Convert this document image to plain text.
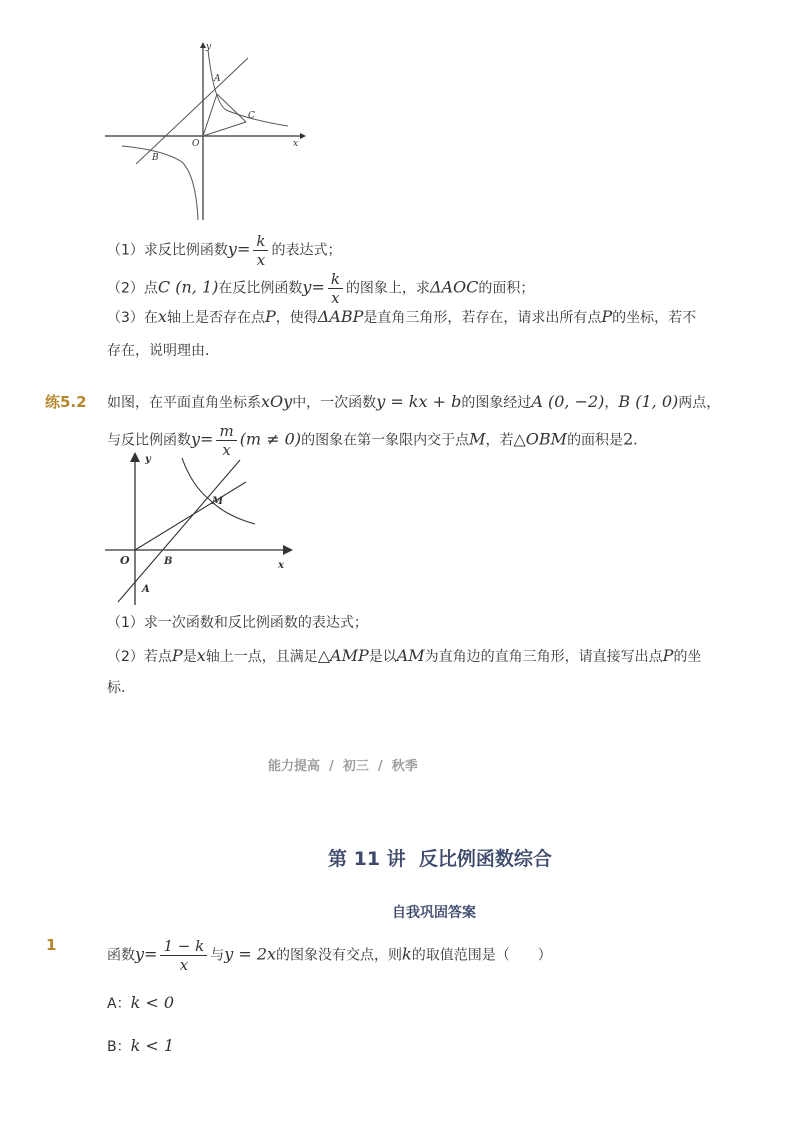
y
x
O
A
B
C
（1）求反比例函数$y= \frac{k}{x}$ 的表达式；
（2）点C (n, 1)在反比例函数$y= \frac{k}{x}$ 的图象上，求ΔAOC的面积；
（3）在x轴上是否存在点P，使得ΔABP是直角三角形，若存在，请求出所有点P的坐标，若不
存在，说明理由．
练5.2 如图，在平面直角坐标系xOy中，一次函数y = kx + b的图象经过A (0, −2)，B (1, 0)两点，
与反比例函数$y= \frac{m}{x} (m \ne 0)$的图象在第一象限内交于点M，若△OBM的面积是2．
y
x
O
A
B
M
（1）求一次函数和反比例函数的表达式；
（2）若点P是x轴上一点，且满足△AMP是以AM为直角边的直角三角形，请直接写出点P的坐
标．
能力提高  /  初三  /  秋季
第 11 讲  反比例函数综合
自我巩固答案
1
函数$y= \frac{1 - k}{x}$ 与y = 2x的图象没有交点，则k的取值范围是（　　）
A：k < 0
B：k < 1
